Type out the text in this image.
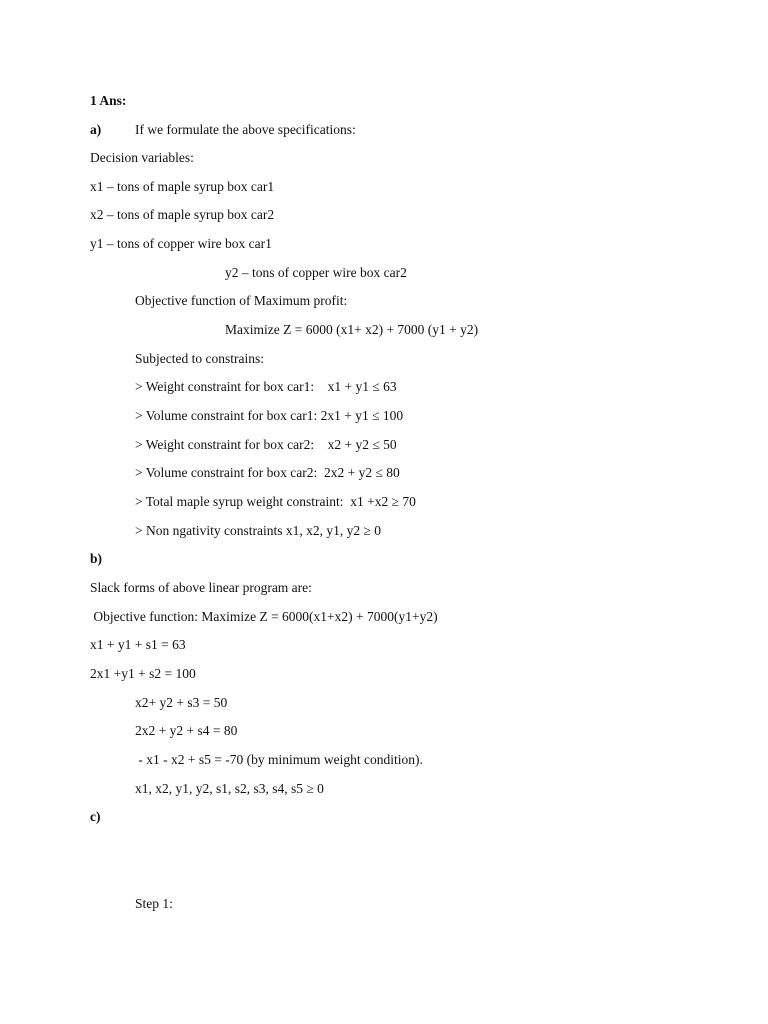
1 Ans:
a)	If we formulate the above specifications:
Decision variables:
x1 – tons of maple syrup box car1
x2 – tons of maple syrup box car2
y1 – tons of copper wire box car1
y2 – tons of copper wire box car2
Objective function of Maximum profit:
Maximize Z = 6000 (x1+ x2) + 7000 (y1 + y2)
Subjected to constrains:
> Weight constraint for box car1:    x1 + y1 ≤ 63
> Volume constraint for box car1: 2x1 + y1 ≤ 100
> Weight constraint for box car2:    x2 + y2 ≤ 50
> Volume constraint for box car2:  2x2 + y2 ≤ 80
> Total maple syrup weight constraint:  x1 +x2 ≥ 70
> Non ngativity constraints x1, x2, y1, y2 ≥ 0
b)
Slack forms of above linear program are:
Objective function: Maximize Z = 6000(x1+x2) + 7000(y1+y2)
x1 + y1 + s1 = 63
2x1 +y1 + s2 = 100
x2+ y2 + s3 = 50
2x2 + y2 + s4 = 80
- x1 - x2 + s5 = -70 (by minimum weight condition).
x1, x2, y1, y2, s1, s2, s3, s4, s5 ≥ 0
c)
Step 1:
